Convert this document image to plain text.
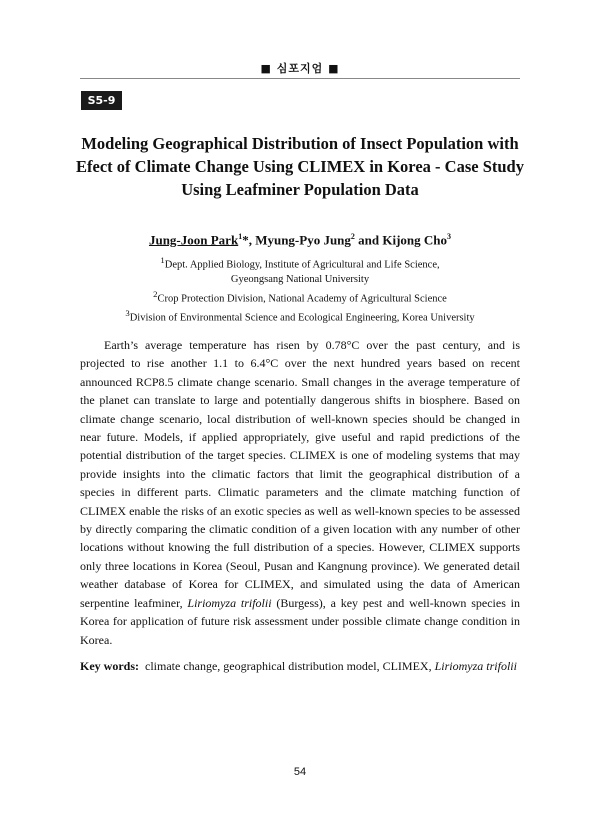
■ 심포지엄 ■
S5-9
Modeling Geographical Distribution of Insect Population with
Efect of Climate Change Using CLIMEX in Korea - Case Study
Using Leafminer Population Data
Jung-Joon Park$^1$*, Myung-Pyo Jung$^2$ and Kijong Cho$^3$
$^1$Dept. Applied Biology, Institute of Agricultural and Life Science,
Gyeongsang National University
$^2$Crop Protection Division, National Academy of Agricultural Science
$^3$Division of Environmental Science and Ecological Engineering, Korea University

Earth’s average temperature has risen by 0.78°C over the past century, and is projected to rise another 1.1 to 6.4°C over the next hundred years based on recent announced RCP8.5 climate change scenario. Small changes in the average temperature of the planet can translate to large and potentially dangerous shifts in biosphere. Based on climate change scenario, local distribution of well-known species should be changed in near future. Models, if applied appropriately, give useful and rapid predictions of the potential distribution of the target species. CLIMEX is one of modeling systems that may provide insights into the climatic factors that limit the geographical distribution of a species in different parts. Climatic parameters and the climate matching function of CLIMEX enable the risks of an exotic species as well as well-known species to be assessed by directly comparing the climatic condition of a given location with any number of other locations without knowing the full distribution of a species. However, CLIMEX supports only three locations in Korea (Seoul, Pusan and Kangnung province). We generated detail weather database of Korea for CLIMEX, and simulated using the data of American serpentine leafminer, Liriomyza trifolii (Burgess), a key pest and well-known species in Korea for application of future risk assessment under possible climate change condition in Korea.

Key words: climate change, geographical distribution model, CLIMEX, Liriomyza trifolii
54
